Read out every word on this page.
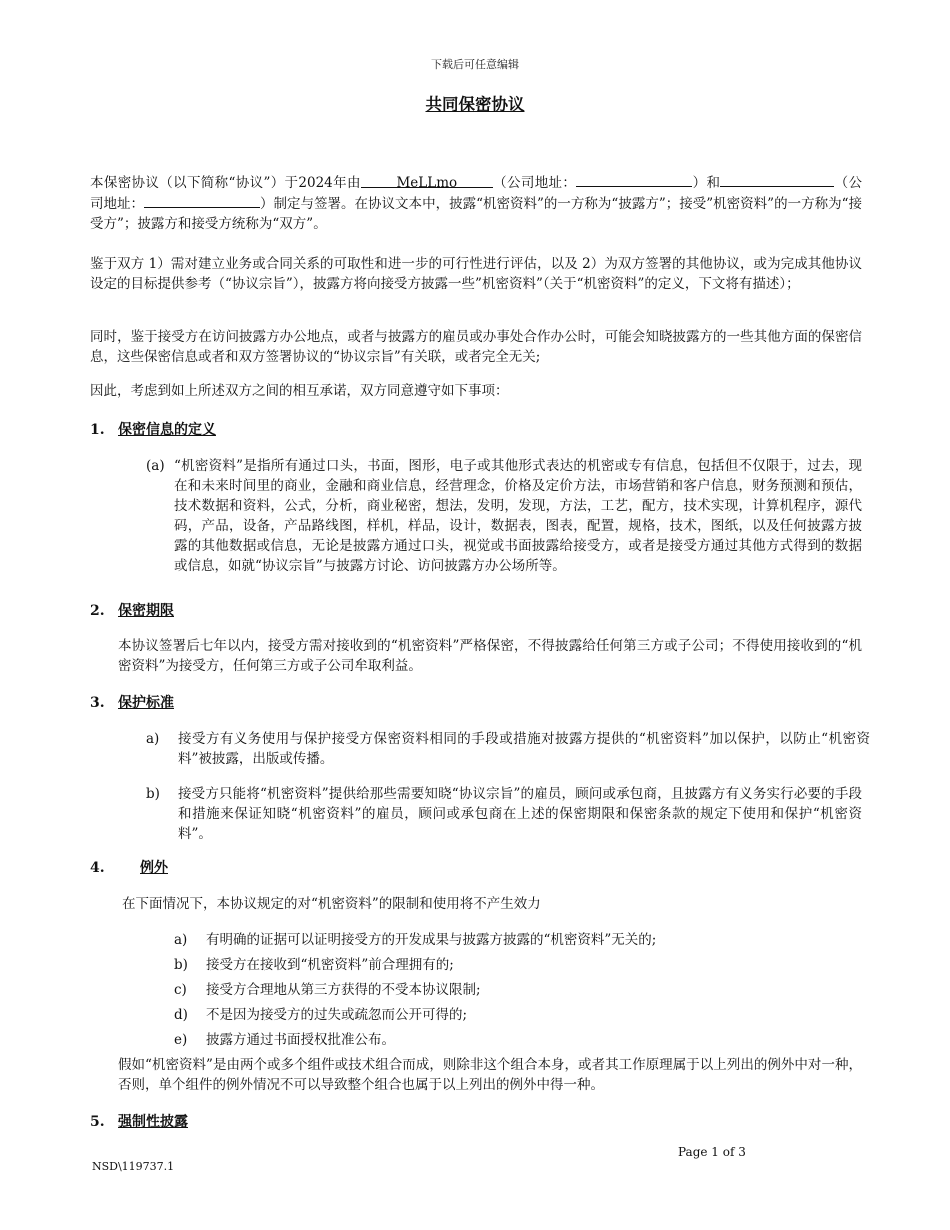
下载后可任意编辑
共同保密协议
本保密协议（以下简称“协议”）于2024年由	MeLLmo	（公司地址：	）和	（公司地址：	）制定与签署。在协议文本中，披露“机密资料”的一方称为“披露方”；接受”机密资料”的一方称为“接受方”；披露方和接受方统称为“双方”。
鉴于双方 1）需对建立业务或合同关系的可取性和进一步的可行性进行评估，以及 2）为双方签署的其他协议，或为完成其他协议设定的目标提供参考（“协议宗旨”），披露方将向接受方披露一些”机密资料”（关于“机密资料”的定义，下文将有描述）；
同时，鉴于接受方在访问披露方办公地点，或者与披露方的雇员或办事处合作办公时，可能会知晓披露方的一些其他方面的保密信息，这些保密信息或者和双方签署协议的“协议宗旨”有关联，或者完全无关;
因此，考虑到如上所述双方之间的相互承诺，双方同意遵守如下事项：
1. 保密信息的定义
(a) “机密资料”是指所有通过口头，书面，图形，电子或其他形式表达的机密或专有信息，包括但不仅限于，过去，现在和未来时间里的商业，金融和商业信息，经营理念，价格及定价方法，市场营销和客户信息，财务预测和预估，技术数据和资料，公式，分析，商业秘密，想法，发明，发现，方法，工艺，配方，技术实现，计算机程序，源代码，产品，设备，产品路线图，样机，样品，设计，数据表，图表，配置，规格，技术，图纸，以及任何披露方披露的其他数据或信息，无论是披露方通过口头，视觉或书面披露给接受方，或者是接受方通过其他方式得到的数据或信息，如就“协议宗旨”与披露方讨论、访问披露方办公场所等。
2. 保密期限
本协议签署后七年以内，接受方需对接收到的“机密资料”严格保密，不得披露给任何第三方或子公司；不得使用接收到的“机密资料”为接受方，任何第三方或子公司牟取利益。
3. 保护标准
a) 接受方有义务使用与保护接受方保密资料相同的手段或措施对披露方提供的“机密资料”加以保护，以防止“机密资料”被披露，出版或传播。
b) 接受方只能将“机密资料”提供给那些需要知晓“协议宗旨”的雇员，顾问或承包商，且披露方有义务实行必要的手段和措施来保证知晓“机密资料”的雇员，顾问或承包商在上述的保密期限和保密条款的规定下使用和保护“机密资料”。
4.	例外
在下面情况下，本协议规定的对“机密资料”的限制和使用将不产生效力
a) 有明确的证据可以证明接受方的开发成果与披露方披露的“机密资料”无关的;
b) 接受方在接收到“机密资料”前合理拥有的;
c) 接受方合理地从第三方获得的不受本协议限制;
d) 不是因为接受方的过失或疏忽而公开可得的;
e) 披露方通过书面授权批准公布。
假如“机密资料”是由两个或多个组件或技术组合而成，则除非这个组合本身，或者其工作原理属于以上列出的例外中对一种，否则，单个组件的例外情况不可以导致整个组合也属于以上列出的例外中得一种。
5. 强制性披露
Page 1 of 3
NSD\119737.1
